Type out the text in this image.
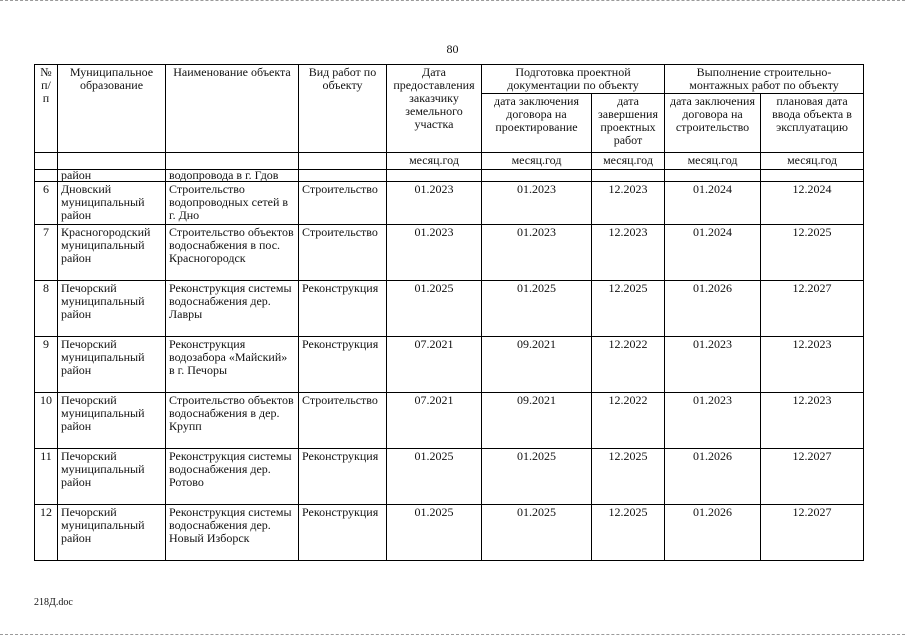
80
№ п/п	Муниципальное образование	Наименование объекта	Вид работ по объекту	Дата предоставления заказчику земельного участка	Подготовка проектной документации по объекту		Выполнение строительно-монтажных работ по объекту	
					дата заключения договора на проектирование	дата завершения проектных работ	дата заключения договора на строительство	плановая дата ввода объекта в эксплуатацию
				месяц.год	месяц.год	месяц.год	месяц.год	месяц.год
	район	водопровода в г. Гдов						
6	Дновский муниципальный район	Строительство водопроводных сетей в г. Дно	Строительство	01.2023	01.2023	12.2023	01.2024	12.2024
7	Красногородский муниципальный район	Строительство объектов водоснабжения в пос. Красногородск	Строительство	01.2023	01.2023	12.2023	01.2024	12.2025
8	Печорский муниципальный район	Реконструкция системы водоснабжения дер. Лавры	Реконструкция	01.2025	01.2025	12.2025	01.2026	12.2027
9	Печорский муниципальный район	Реконструкция водозабора «Майский» в г. Печоры	Реконструкция	07.2021	09.2021	12.2022	01.2023	12.2023
10	Печорский муниципальный район	Строительство объектов водоснабжения в дер. Крупп	Строительство	07.2021	09.2021	12.2022	01.2023	12.2023
11	Печорский муниципальный район	Реконструкция системы водоснабжения дер. Ротово	Реконструкция	01.2025	01.2025	12.2025	01.2026	12.2027
12	Печорский муниципальный район	Реконструкция системы водоснабжения дер. Новый Изборск	Реконструкция	01.2025	01.2025	12.2025	01.2026	12.2027
218Д.doc
